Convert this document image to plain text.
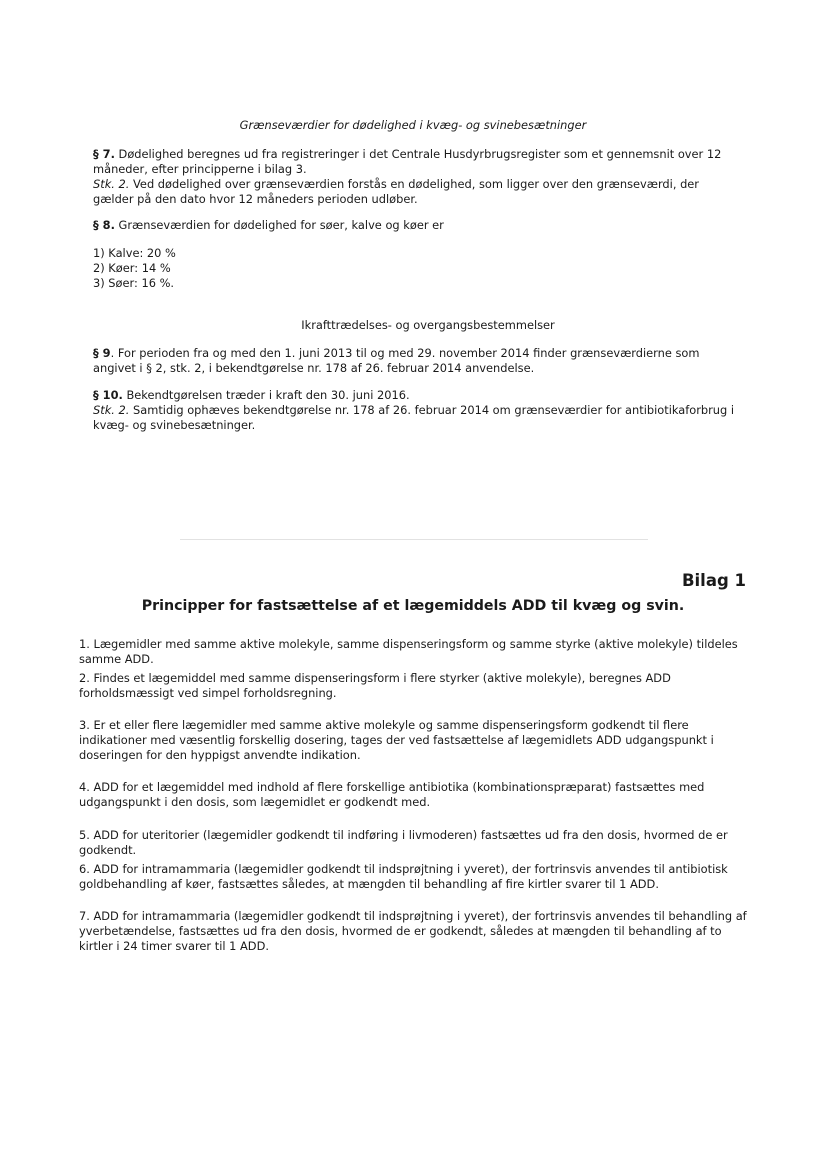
Grænseværdier for dødelighed i kvæg- og svinebesætninger

§ 7. Dødelighed beregnes ud fra registreringer i det Centrale Husdyrbrugsregister som et gennemsnit over 12 måneder, efter principperne i bilag 3.

Stk. 2. Ved dødelighed over grænseværdien forstås en dødelighed, som ligger over den grænseværdi, der gælder på den dato hvor 12 måneders perioden udløber.

§ 8. Grænseværdien for dødelighed for søer, kalve og køer er

1) Kalve: 20 %

2) Køer: 14 %

3) Søer: 16 %.

Ikrafttrædelses- og overgangsbestemmelser

§ 9. For perioden fra og med den 1. juni 2013 til og med 29. november 2014 finder grænseværdierne som angivet i § 2, stk. 2, i bekendtgørelse nr. 178 af 26. februar 2014 anvendelse.

§ 10. Bekendtgørelsen træder i kraft den 30. juni 2016.

Stk. 2. Samtidig ophæves bekendtgørelse nr. 178 af 26. februar 2014 om grænseværdier for antibiotikaforbrug i kvæg- og svinebesætninger.

Bilag 1
Principper for fastsættelse af et lægemiddels ADD til kvæg og svin.

1. Lægemidler med samme aktive molekyle, samme dispenseringsform og samme styrke (aktive molekyle) tildeles samme ADD.

2. Findes et lægemiddel med samme dispenseringsform i flere styrker (aktive molekyle), beregnes ADD forholdsmæssigt ved simpel forholdsregning.

3. Er et eller flere lægemidler med samme aktive molekyle og samme dispenseringsform godkendt til flere indikationer med væsentlig forskellig dosering, tages der ved fastsættelse af lægemidlets ADD udgangspunkt i doseringen for den hyppigst anvendte indikation.

4. ADD for et lægemiddel med indhold af flere forskellige antibiotika (kombinationspræparat) fastsættes med udgangspunkt i den dosis, som lægemidlet er godkendt med.

5. ADD for uteritorier (lægemidler godkendt til indføring i livmoderen) fastsættes ud fra den dosis, hvormed de er godkendt.

6. ADD for intramammaria (lægemidler godkendt til indsprøjtning i yveret), der fortrinsvis anvendes til antibiotisk goldbehandling af køer, fastsættes således, at mængden til behandling af fire kirtler svarer til 1 ADD.

7. ADD for intramammaria (lægemidler godkendt til indsprøjtning i yveret), der fortrinsvis anvendes til behandling af yverbetændelse, fastsættes ud fra den dosis, hvormed de er godkendt, således at mængden til behandling af to kirtler i 24 timer svarer til 1 ADD.
